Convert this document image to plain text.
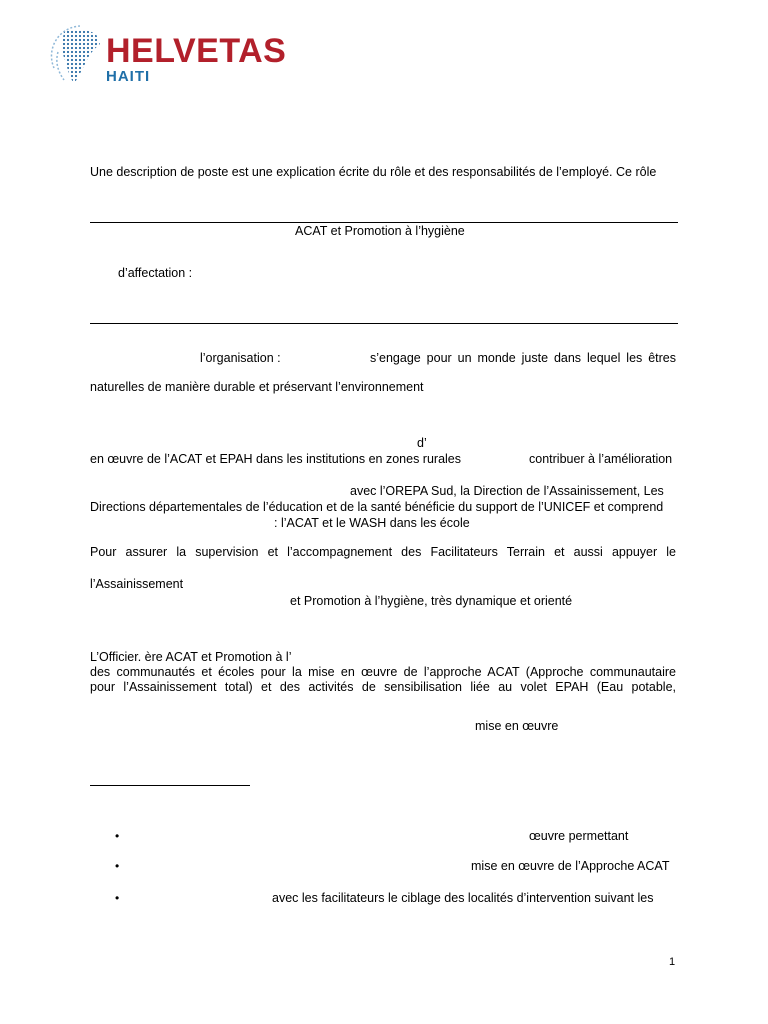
HELVETAS
HAITI
Une description de poste est une explication écrite du rôle et des responsabilités de l’employé. Ce rôle
ACAT et Promotion à l’hygiène
d’affectation :
l’organisation :	s’engage pour un monde juste dans lequel les êtres
naturelles de manière durable et préservant l’environnement
d’
en œuvre de l’ACAT et EPAH dans les institutions en zones rurales	contribuer à l’amélioration
avec l’OREPA Sud, la Direction de l’Assainissement, Les
Directions départementales de l’éducation et de la santé bénéficie du support de l’UNICEF et comprend
: l’ACAT et le WASH dans les école
Pour assurer la supervision et l’accompagnement des Facilitateurs Terrain et aussi appuyer le
l’Assainissement
et Promotion à l’hygiène, très dynamique et orienté
L’Officier. ère ACAT et Promotion à l’
des communautés et écoles pour la mise en œuvre de l’approche ACAT (Approche communautaire
pour l’Assainissement total) et des activités de sensibilisation liée au volet EPAH (Eau potable,
mise en œuvre
•	œuvre permettant
•	mise en œuvre de l’Approche ACAT
•	avec les facilitateurs le ciblage des localités d’intervention suivant les
1
